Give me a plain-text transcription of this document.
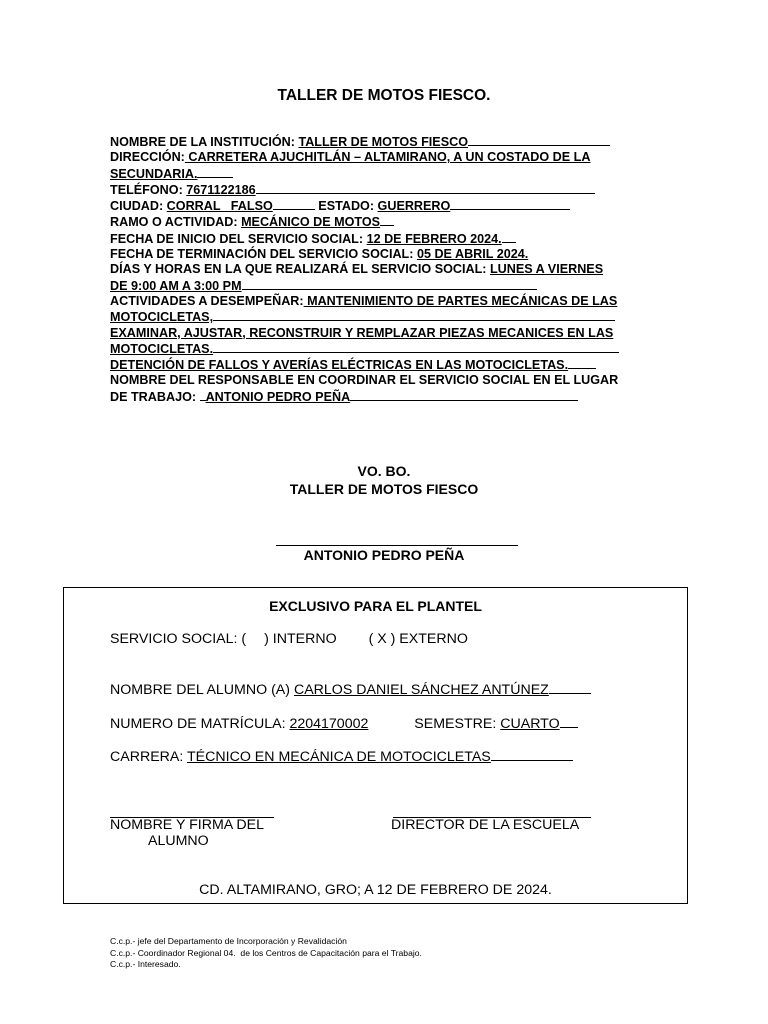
TALLER DE MOTOS FIESCO.
NOMBRE DE LA INSTITUCIÓN: TALLER DE MOTOS FIESCO
DIRECCIÓN: CARRETERA AJUCHITLÁN – ALTAMIRANO, A UN COSTADO DE LA
SECUNDARIA.
TELÉFONO: 7671122186
CIUDAD: CORRAL   FALSO	ESTADO: GUERRERO
RAMO O ACTIVIDAD: MECÁNICO DE MOTOS
FECHA DE INICIO DEL SERVICIO SOCIAL: 12 DE FEBRERO 2024.
FECHA DE TERMINACIÓN DEL SERVICIO SOCIAL: 05 DE ABRIL 2024.
DÍAS Y HORAS EN LA QUE REALIZARÁ EL SERVICIO SOCIAL: LUNES A VIERNES
DE 9:00 AM A 3:00 PM
ACTIVIDADES A DESEMPEÑAR: MANTENIMIENTO DE PARTES MECÁNICAS DE LAS
MOTOCICLETAS,
EXAMINAR, AJUSTAR, RECONSTRUIR Y REMPLAZAR PIEZAS MECANICES EN LAS
MOTOCICLETAS.
DETENCIÓN DE FALLOS Y AVERÍAS ELÉCTRICAS EN LAS MOTOCICLETAS.
NOMBRE DEL RESPONSABLE EN COORDINAR EL SERVICIO SOCIAL EN EL LUGAR
DE TRABAJO: ANTONIO PEDRO PEÑA
VO. BO.
TALLER DE MOTOS FIESCO
ANTONIO PEDRO PEÑA
EXCLUSIVO PARA EL PLANTEL
SERVICIO SOCIAL: ( ) INTERNO ( X ) EXTERNO
NOMBRE DEL ALUMNO (A) CARLOS DANIEL SÁNCHEZ ANTÚNEZ
NUMERO DE MATRÍCULA: 2204170002	SEMESTRE: CUARTO
CARRERA: TÉCNICO EN MECÁNICA DE MOTOCICLETAS
NOMBRE Y FIRMA DEL
ALUMNO
DIRECTOR DE LA ESCUELA
CD. ALTAMIRANO, GRO; A 12 DE FEBRERO DE 2024.
C.c.p.- jefe del Departamento de Incorporación y Revalidación
C.c.p.- Coordinador Regional 04.  de los Centros de Capacitación para el Trabajo.
C.c.p.- Interesado.
